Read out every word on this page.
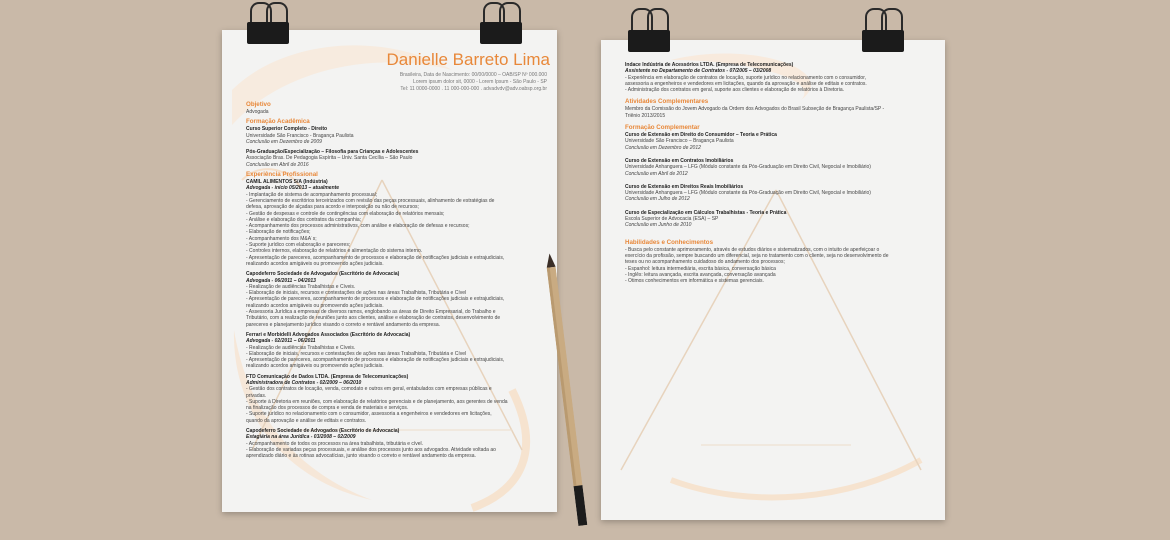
Danielle Barreto Lima
Brasileira, Data de Nascimento: 00/00/0000 – OAB/SP Nº 000.000
Lorem ipsum dolor sit, 0000 - Lorem Ipsum - São Paulo - SP
Tel: 11 0000-0000 . 11 000-000-000 . advadvdv@adv.oabsp.org.br
Objetivo
Advogada
Formação Acadêmica
Curso Superior Completo - Direito
Universidade São Francisco - Bragança Paulista
Conclusão em Dezembro de 2009
Pós-Graduação/Especialização – Filosofia para Crianças e Adolescentes
Associação Bras. De Pedagogia Espírita – Univ. Santa Cecília – São Paulo
Conclusão em Abril de 2016
Experiência Profissional
CAMIL ALIMENTOS S/A (Indústria)
Advogada - início 05/2013 – atualmente
- Implantação de sistema de acompanhamento processual;
- Gerenciamento de escritórios terceirizados com revisão das peças processuais, alinhamento de estratégias de
defesa, aprovação de alçadas para acordo e interposição ou não de recursos;
- Gestão de despesas e controle de contingências com elaboração de relatórios mensais;
- Análise e elaboração dos contratos da companhia;
- Acompanhamento dos processos administrativos, com análise e elaboração de defesas e recursos;
- Elaboração de notificações;
- Acompanhamento dos M&A´s;
- Suporte jurídico com elaboração e pareceres;
- Controles internos, elaboração de relatórios e alimentação do sistema interno.
- Apresentação de pareceres, acompanhamento de processos e elaboração de notificações judiciais e extrajudiciais,
realizando acordos amigáveis ou promovendo ações judiciais.
Capodeferro Sociedade de Advogados (Escritório de Advocacia)
Advogada - 06/2011 – 04/2013
- Realização de audiências Trabalhistas e Cíveis.
- Elaboração de iniciais, recursos e contestações de ações nas áreas Trabalhista, Tributária e Cível
- Apresentação de pareceres, acompanhamento de processos e elaboração de notificações judiciais e extrajudiciais,
realizando acordos amigáveis ou promovendo ações judiciais.
- Assessoria Jurídica a empresas de diversos ramos, englobando as áreas de Direito Empresarial, do Trabalho e
Tributário, com a realização de reuniões junto aos clientes, análise e elaboração de contratos, desenvolvimento de
pareceres e planejamento jurídico visando o correto e rentável andamento da empresa.
Ferrari e Morbidelli Advogados Associados (Escritório de Advocacia)
Advogada - 02/2011 – 06/2011
- Realização de audiências Trabalhistas e Cíveis.
- Elaboração de iniciais, recursos e contestações de ações nas áreas Trabalhista, Tributária e Cível
- Apresentação de pareceres, acompanhamento de processos e elaboração de notificações judiciais e extrajudiciais,
realizando acordos amigáveis ou promovendo ações judiciais.
FTD Comunicação de Dados LTDA. (Empresa de Telecomunicações)
Administradora de Contratos - 02/2009 – 06/2010
- Gestão dos contratos de locação, venda, comodato e outros em geral, entabulados com empresas públicas e
privadas.
- Suporte à Diretoria em reuniões, com elaboração de relatórios gerenciais e de planejamento, aos gerentes de venda
na finalização dos processos de compra e venda de materiais e serviços.
- Suporte jurídico no relacionamento com o consumidor, assessoria a engenheiros e vendedores em licitações,
quando da aprovação e análise de editais e contratos.
Capodeferro Sociedade de Advogados (Escritório de Advocacia)
Estagiária na área Jurídica - 03/2008 – 02/2009
- Acompanhamento de todos os processos na área trabalhista, tributária e cível.
- Elaboração de variadas peças processuais, e análise dos processos junto aos advogados. Atividade voltada ao
aprendizado diário e às rotinas advocatícias, junto visando o correto e rentável andamento da empresa.
Indace Indústria de Acessórios LTDA. (Empresa de Telecomunicações)
Assistente no Departamento de Contratos - 07/2005 – 03/2008
- Experiência em elaboração de contratos de locação, suporte jurídico no relacionamento com o consumidor,
assessoria a engenheiros e vendedores em licitações, quando da aprovação e análise de editais e contratos.
- Administração dos contratos em geral, suporte aos clientes e elaboração de relatórios à Diretoria.
Atividades Complementares
Membro da Comissão do Jovem Advogado da Ordem dos Advogados do Brasil Subseção de Bragança Paulista/SP -
Triênio 2013/2015
Formação Complementar
Curso de Extensão em Direito do Consumidor – Teoria e Prática
Universidade São Francisco – Bragança Paulista
Conclusão em Dezembro de 2012
Curso de Extensão em Contratos Imobiliários
Universidade Anhanguera – LFG (Módulo constante da Pós-Graduação em Direito Civil, Negocial e Imobiliário)
Conclusão em Abril de 2012
Curso de Extensão em Direitos Reais Imobiliários
Universidade Anhanguera – LFG (Módulo constante da Pós-Graduação em Direito Civil, Negocial e Imobiliário)
Conclusão em Julho de 2012
Curso de Especialização em Cálculos Trabalhistas - Teoria e Prática
Escola Superior de Advocacia (ESA) – SP
Conclusão em Junho de 2010
Habilidades e Conhecimentos
- Busca pelo constante aprimoramento, através de estudos diários e sistematizados, com o intuito de aperfeiçoar o
exercício da profissão, sempre buscando um diferencial, seja no tratamento com o cliente, seja no desenvolvimento de
teses ou no acompanhamento cuidadoso do andamento dos processos;
- Espanhol: leitura intermediária, escrita básica, conversação básica
- Inglês: leitura avançada, escrita avançada, conversação avançada
- Ótimos conhecimentos em informática e sistemas gerenciais.
